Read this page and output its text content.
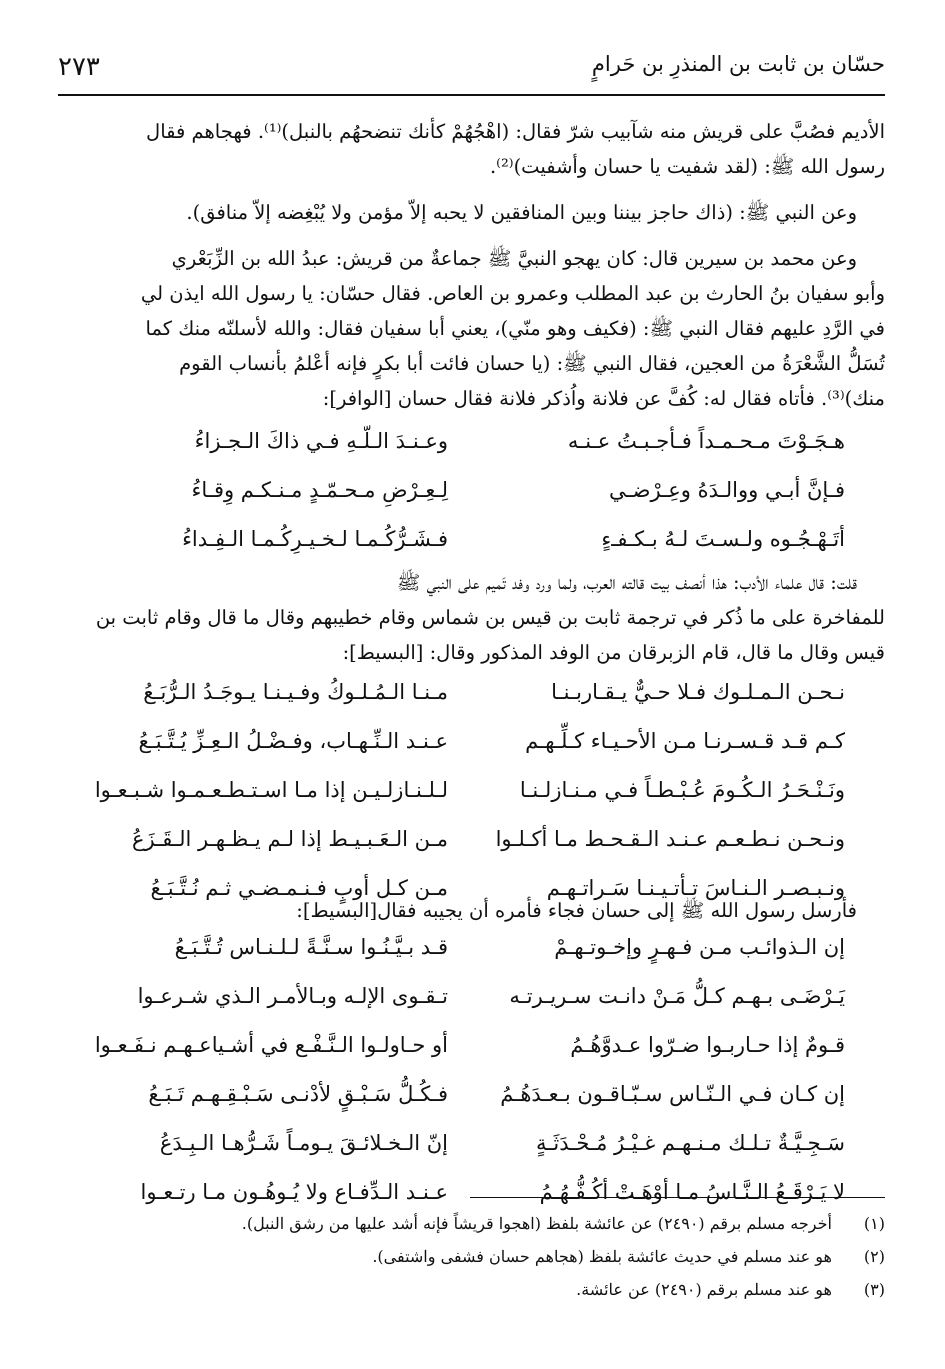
٢٧٣	حسّان بن ثابت بن المنذرِ بن حَرامٍ
الأديم فصُبَّ على قريش منه شآبيب شرّ فقال: (اهْجُهُمْ كأنك تنضحهُم بالنبل)⁽¹⁾. فهجاهم فقال
رسول الله ﷺ: (لقد شفيت يا حسان وأشفيت)⁽²⁾.
وعن النبي ﷺ: (ذاك حاجز بيننا وبين المنافقين لا يحبه إلاّ مؤمن ولا يُبْغِضه إلاّ منافق).
وعن محمد بن سيرين قال: كان يهجو النبيَّ ﷺ جماعةٌ من قريش: عبدُ الله بن الزِّبَعْري
وأبو سفيان بنُ الحارث بن عبد المطلب وعمرو بن العاص. فقال حسّان: يا رسول الله ايذن لي
في الرَّدِ عليهم فقال النبي ﷺ: (فكيف وهو منّي)، يعني أبا سفيان فقال: والله لأسلنّه منك كما
تُسَلُّ الشَّعْرَةُ من العجين، فقال النبي ﷺ: (يا حسان فائت أبا بكرٍ فإنه أعْلمُ بأنساب القوم
منك)⁽³⁾. فأتاه فقال له: كُفَّ عن فلانة واُذكر فلانة فقال حسان [الوافر]:
هـجَـوْتَ مـحـمـداً فـأجـبـتُ عـنـه
وعـنـدَ الـلّـهِ فـي ذاكَ الـجـزاءُ
فـإنَّ أبـي ووالـدَهُ وعِـرْضـي
لِـعِـرْضِ مـحـمّـدٍ مـنـكـم وِقـاءُ
أتَـهْـجُـوه ولـسـتَ لـهُ بـكـفـءٍ
فـشَـرُّكُـمـا لـخـيـرِكُـمـا الـفِـداءُ
قلت: قال علماء الأدب: هذا أنصف بيت قالته العرب، ولما ورد وفد تَميم على النبي ﷺ
للمفاخرة على ما ذُكر في ترجمة ثابت بن قيس بن شماس وقام خطيبهم وقال ما قال وقام ثابت بن
قيس وقال ما قال، قام الزبرقان من الوفد المذكور وقال: [البسيط]:
نـحـن الـمـلـوك فـلا حـيٌّ يـقـاربـنـا
مـنـا الـمُـلـوكُ وفـيـنـا يـوجَـدُ الـرُّبَـعُ
كـم قـد قـسـرنـا مـن الأحـيـاء كـلِّـهـم
عـنـد الـنِّـهـاب، وفـضْـلُ الـعِـزِّ يُـتَّـبَـعُ
ونَـنْـحَـرُ الـكُـومَ عُـبْـطـاً فـي مـنـازلـنـا
لـلـنـازلـيـن إذا مـا اسـتـطـعـمـوا شـبـعـوا
ونـحـن نـطـعـم عـنـد الـقـحـط مـا أكـلـوا
مـن الـعَـبـيـط إذا لـم يـظـهـر الـقَـزَعُ
ونـبـصـر الـنـاسَ تـأتـيـنـا سَـراتـهـم
مـن كـل أوبٍ فـنـمـضـي ثـم نُـتَّـبَـعُ
فأرسل رسول الله ﷺ إلى حسان فجاء فأمره أن يجيبه فقال[البسيط]:
إن الـذوائـب مـن فـهـرٍ وإخـوتـهـمْ
قـد بـيَّـنُـوا سـنَّـةً لـلـنـاس تُـتَّـبَـعُ
يَـرْضَـى بـهـم كـلُّ مَـنْ دانـت سـريـرتـه
تـقـوى الإلـه وبـالأمـر الـذي شـرعـوا
قـومٌ إذا حـاربـوا ضـرّوا عـدوَّهُـمُ
أو حـاولـوا الـنَّـفْـع في أشـياعـهـم نـفَـعـوا
إن كـان فـي الـنّـاس سـبّـاقـون بـعـدَهُـمُ
فـكُـلُّ سَـبْـقٍ لأدْنـى سَـبْـقِـهـم تَـبَـعُ
سَـجِـيَّـةٌ تـلـك مـنـهـم غـيْـرُ مُـحْـدَثَـةٍ
إنّ الـخـلائـقَ يـومـاً شَـرُّهـا الـبِـدَعُ
لا يَـرْقَـعُ الـنَّـاسُ مـا أوْهَـتْ أكُـفُّـهُـمُ
عـنـد الـدِّفـاع ولا يُـوهُـون مـا رتـعـوا
(١) أخرجه مسلم برقم (٢٤٩٠) عن عائشة بلفظ (اهجوا قريشاً فإنه أشد عليها من رشق النبل).
(٢) هو عند مسلم في حديث عائشة بلفظ (هجاهم حسان فشفى واشتفى).
(٣) هو عند مسلم برقم (٢٤٩٠) عن عائشة.
